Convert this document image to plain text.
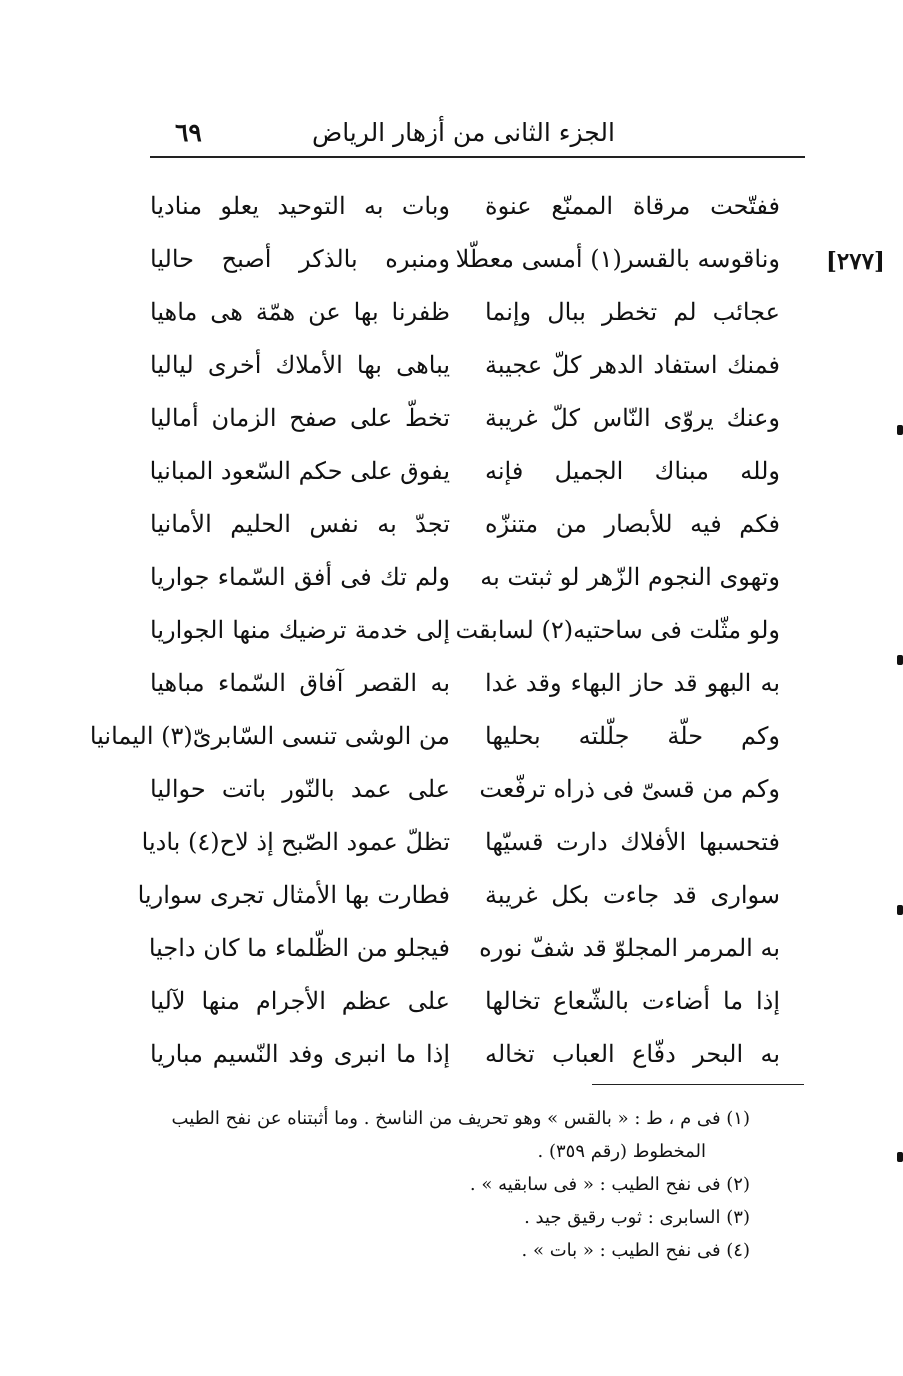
الجزء الثانى من أزهار الرياض
٦٩
[٢٧٧]
ففتّحت مرقاة الممنّع عنوة
وبات به التوحيد يعلو مناديا
وناقوسه بالقسر(١) أمسى معطّلا
ومنبره بالذكر أصبح حاليا
عجائب لم تخطر ببال وإنما
ظفرنا بها عن همّة هى ماهيا
فمنك استفاد الدهر كلّ عجيبة
يباهى بها الأملاك أخرى لياليا
وعنك يروّى النّاس كلّ غريبة
تخطّ على صفح الزمان أماليا
ولله مبناك الجميل فإنه
يفوق على حكم السّعود المبانيا
فكم فيه للأبصار من متنزّه
تجدّ به نفس الحليم الأمانيا
وتهوى النجوم الزّهر لو ثبتت به
ولم تك فى أفق السّماء جواريا
ولو مثّلت فى ساحتيه(٢) لسابقت
إلى خدمة ترضيك منها الجواريا
به البهو قد حاز البهاء وقد غدا
به القصر آفاق السّماء مباهيا
وكم حلّة جلّلته بحليها
من الوشى تنسى السّابرىّ(٣) اليمانيا
وكم من قسىّ فى ذراه ترفّعت
على عمد بالنّور باتت حواليا
فتحسبها الأفلاك دارت قسيّها
تظلّ عمود الصّبح إذ لاح(٤) باديا
سوارى قد جاءت بكل غريبة
فطارت بها الأمثال تجرى سواريا
به المرمر المجلوّ قد شفّ نوره
فيجلو من الظّلماء ما كان داجيا
إذا ما أضاءت بالشّعاع تخالها
على عظم الأجرام منها لآليا
به البحر دفّاع العباب تخاله
إذا ما انبرى وفد النّسيم مباريا
(١) فى م ، ط : « بالقس » وهو تحريف من الناسخ . وما أثبتناه عن نفح الطيب
المخطوط (رقم ٣٥٩) .
(٢) فى نفح الطيب : « فى سابقيه » .
(٣) السابرى : ثوب رقيق جيد .
(٤) فى نفح الطيب : « بات » .
